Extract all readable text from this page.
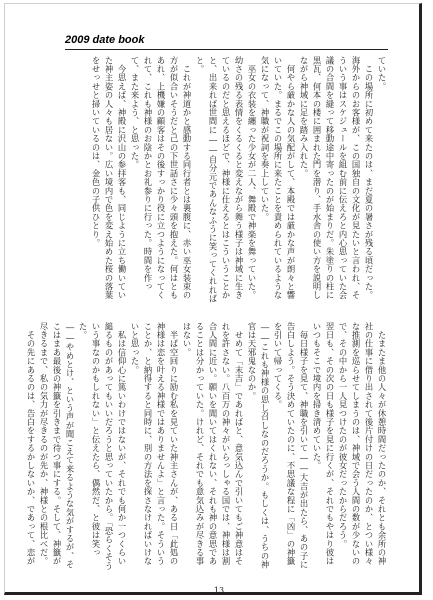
2009 date book

ていた。

　この場所に初めて来たのは、まだ夏の暑さが残る頃だった。

海外からのお客様が、この国独自の文化が見たいと言われ、そういう事はスケジュールを組む前に伝えろと内心思っていた会議の合間を縫って移動途中寄ったのが始まりだ。朱塗りの柱に黒瓦、何本の楼に囲まれた門を潜り、手水舎の使い方を説明しながら神域に足を踏み入れた。

　何やら厳かな人の気配がして、本殿では厳かな声が朗々と響いていた。まるでこの場所に来たことを責められているような気になって、神職が祝詞を奏上していた。

　巫女の衣装を纏った少女が二人、舞殿で神楽を舞っていた。幼さの残る表情をくるくると変えながら舞う様子は神域に生きているのだと思えるほどで、神様に仕えるとはこういうことかと、出来れば世間に――自分元であんなふうに笑ってくれればと。

　これが神道かと感動する同行者とは裏腹に、赤い巫女装束の方が似合いそうだと己の下世話さに少々頭を抱えた。何はともあれ、上機嫌の顧客はその後すっかり役に立つようになってくれて、これも神様のお陰かとお礼参りに行った。時間を作って、また来よう、と思った。

　今思えば、神殿に沢山の参拝客も、同じように立ち働いていた神主姿の人々も居ない。広い境内で色を変え始めた桜の落葉をせっせと掃いているのは、金色の子供ひとり。

　たまたま他の人々が休憩時間だったのか、それとも余所の神社の仕事に借り出されて後片付けの日だったのか、とつい様々な推測を巡らせてしまうのは、神域で会う人間の数が少ないので、その中から一人見つけたのが彼女だったからだろう。

翌日も、その次の日も様子を見に行くが、それでもやはり彼はいつもそこで境内を掃き清めていた。

　毎日様子を見て、神職を引いて――大吉が出たら、あの子に告白しよう。そう決めていたのに、不思議な程に「凶」の神籤を引いて帰ってくる。

――これも神様の思し召しなのだろうか。もしくは、うちの神官は天邪鬼なのか。

　せめて「末吉」であればと、意気込んで引いてもご神意はそれを許さない。八百万の神々がいらっしゃる国では、神様は割合人間に近い。願いを聞いてはくれない、それも神の意思であることは分かっていた。けれど、それでも意気込みが尽きる事はない。

　半ば空回りに励む私を見ていた神主さんが、ある日「此処の神様は恋を叶える神様ではありませんよ」と言った。そういうことか、と納得すると同時に、別の方法を探さなければいけないと思った。

　私は信仰心に篤いわけではないが、それでも何か一つくらい縋るものがあってもいいだろうと思っていたから。「恐らくそういう事なのかもしれない」と伝えたら、偶然だ、と彼は笑った。

――やめとけ、という声が聞こえて来るような気がするが、そこはまあ最後の神籤を引きまで待つ事にする。そして、神籤が尽きるまで、私の気力が尽きるのが先か、神様との根比べだ。

　その先にあるのは、告白をするかしないか、であって、恋が

13
